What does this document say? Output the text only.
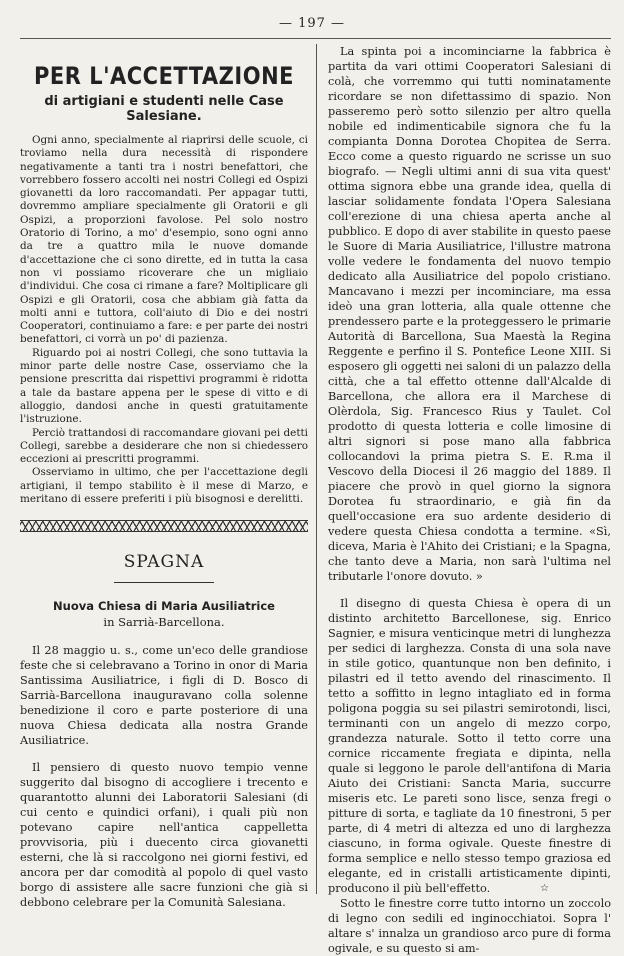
— 197 —
PER L'ACCETTAZIONE
di artigiani e studenti nelle Case Salesiane.

Ogni anno, specialmente al riaprirsi delle scuole, ci troviamo nella dura necessità di rispondere negativamente a tanti tra i nostri benefattori, che vorrebbero fossero accolti nei nostri Collegi ed Ospizi giovanetti da loro raccomandati. Per appagar tutti, dovremmo ampliare specialmente gli Oratorii e gli Ospizi, a proporzioni favolose. Pel solo nostro Oratorio di Torino, a mo' d'esempio, sono ogni anno da tre a quattro mila le nuove domande d'accettazione che ci sono dirette, ed in tutta la casa non vi possiamo ricoverare che un migliaio d'individui. Che cosa ci rimane a fare? Moltiplicare gli Ospizi e gli Oratorii, cosa che abbiam già fatta da molti anni e tuttora, coll'aiuto di Dio e dei nostri Cooperatori, continuiamo a fare: e per parte dei nostri benefattori, ci vorrà un po' di pazienza.

Riguardo poi ai nostri Collegi, che sono tuttavia la minor parte delle nostre Case, osserviamo che la pensione prescritta dai rispettivi programmi è ridotta a tale da bastare appena per le spese di vitto e di alloggio, dandosi anche in questi gratuitamente l'istruzione.

Perciò trattandosi di raccomandare giovani pei detti Collegi, sarebbe a desiderare che non si chiedessero eccezioni ai prescritti programmi.

Osserviamo in ultimo, che per l'accettazione degli artigiani, il tempo stabilito è il mese di Marzo, e meritano di essere preferiti i più bisognosi e derelitti.

SPAGNA
Nuova Chiesa di Maria Ausiliatrice
in Sarrià-Barcellona.

Il 28 maggio u. s., come un'eco delle grandiose feste che si celebravano a Torino in onor di Maria Santissima Ausiliatrice, i figli di D. Bosco di Sarrià-Barcellona inauguravano colla solenne benedizione il coro e parte posteriore di una nuova Chiesa dedicata alla nostra Grande Ausiliatrice.

Il pensiero di questo nuovo tempio venne suggerito dal bisogno di accogliere i trecento e quarantotto alunni dei Laboratorii Salesiani (di cui cento e quindici orfani), i quali più non potevano capire nell'antica cappelletta provvisoria, più i duecento circa giovanetti esterni, che là si raccolgono nei giorni festivi, ed ancora per dar comodità al popolo di quel vasto borgo di assistere alle sacre funzioni che già si debbono celebrare per la Comunità Salesiana.

La spinta poi a incominciarne la fabbrica è partita da vari ottimi Cooperatori Salesiani di colà, che vorremmo qui tutti nominatamente ricordare se non difettassimo di spazio. Non passeremo però sotto silenzio per altro quella nobile ed indimenticabile signora che fu la compianta Donna Dorotea Chopitea de Serra. Ecco come a questo riguardo ne scrisse un suo biografo. — Negli ultimi anni di sua vita quest' ottima signora ebbe una grande idea, quella di lasciar solidamente fondata l'Opera Salesiana coll'erezione di una chiesa aperta anche al pubblico. E dopo di aver stabilite in questo paese le Suore di Maria Ausiliatrice, l'illustre matrona volle vedere le fondamenta del nuovo tempio dedicato alla Ausiliatrice del popolo cristiano. Mancavano i mezzi per incominciare, ma essa ideò una gran lotteria, alla quale ottenne che prendessero parte e la proteggessero le primarie Autorità di Barcellona, Sua Maestà la Regina Reggente e perfino il S. Pontefice Leone XIII. Si esposero gli oggetti nei saloni di un palazzo della città, che a tal effetto ottenne dall'Alcalde di Barcellona, che allora era il Marchese di Olèrdola, Sig. Francesco Rius y Taulet. Col prodotto di questa lotteria e colle limosine di altri signori si pose mano alla fabbrica collocandovi la prima pietra S. E. R.ma il Vescovo della Diocesi il 26 maggio del 1889. Il piacere che provò in quel giorno la signora Dorotea fu straordinario, e già fin da quell'occasione era suo ardente desiderio di vedere questa Chiesa condotta a termine. «Sì, diceva, Maria è l'Ahito dei Cristiani; e la Spagna, che tanto deve a Maria, non sarà l'ultima nel tributarle l'onore dovuto. »

Il disegno di questa Chiesa è opera di un distinto architetto Barcellonese, sig. Enrico Sagnier, e misura venticinque metri di lunghezza per sedici di larghezza. Consta di una sola nave in stile gotico, quantunque non ben definito, i pilastri ed il tetto avendo del rinascimento. Il tetto a soffitto in legno intagliato ed in forma poligona poggia su sei pilastri semirotondi, lisci, terminanti con un angelo di mezzo corpo, grandezza naturale. Sotto il tetto corre una cornice riccamente fregiata e dipinta, nella quale si leggono le parole dell'antifona di Maria Aiuto dei Cristiani: Sancta Maria, succurre miseris etc. Le pareti sono lisce, senza fregi o pitture di sorta, e tagliate da 10 finestroni, 5 per parte, di 4 metri di altezza ed uno di larghezza ciascuno, in forma ogivale. Queste finestre di forma semplice e nello stesso tempo graziosa ed elegante, ed in cristalli artisticamente dipinti, producono il più bell'effetto.

Sotto le finestre corre tutto intorno un zoccolo di legno con sedili ed inginocchiatoi. Sopra l' altare s' innalza un grandioso arco pure di forma ogivale, e su questo si am-

☆
